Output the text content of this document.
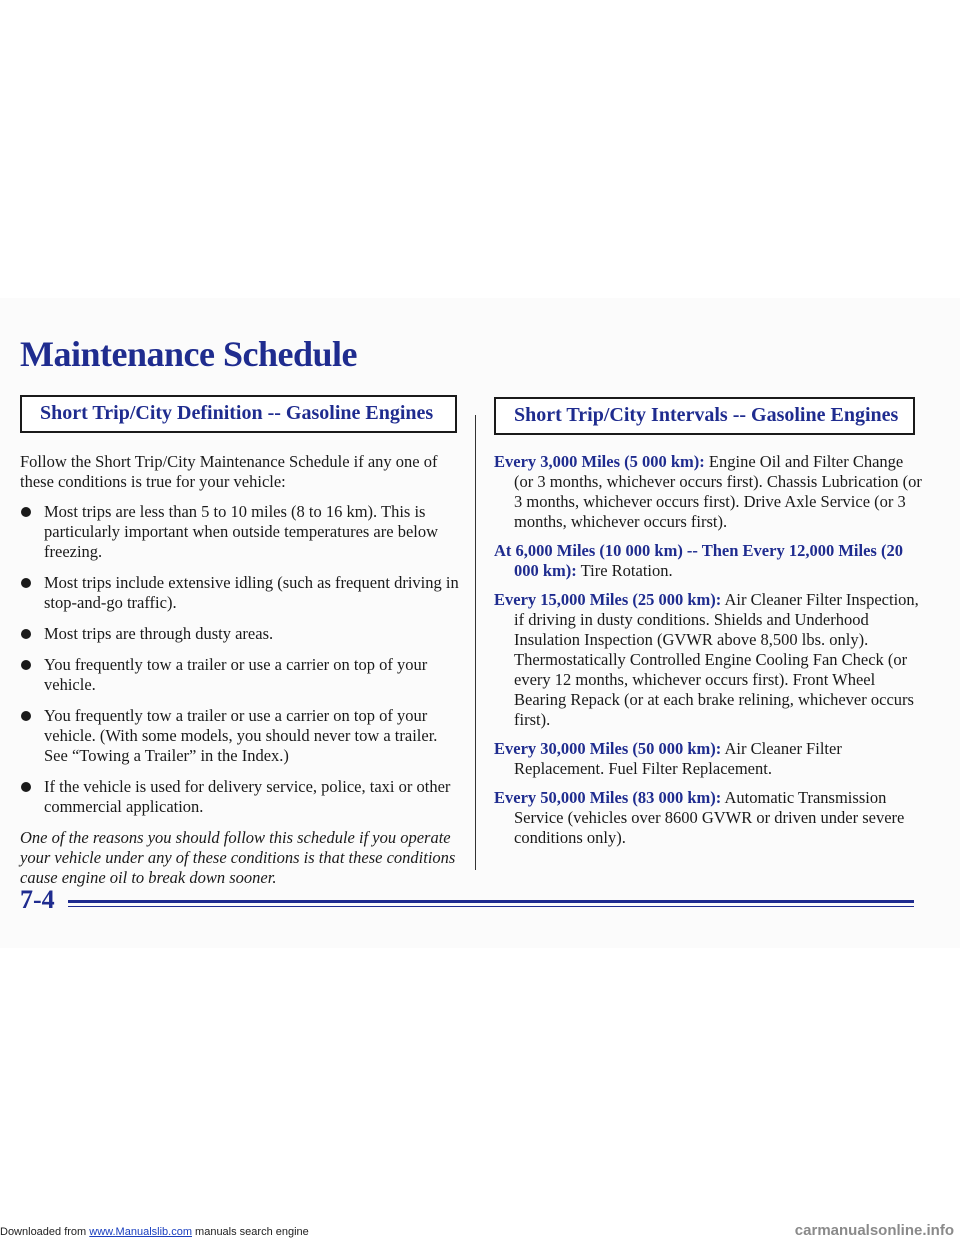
Maintenance Schedule
Short Trip/City Definition -- Gasoline Engines

Follow the Short Trip/City Maintenance Schedule if any one of these conditions is true for your vehicle:

Most trips are less than 5 to 10 miles (8 to 16 km). This is particularly important when outside temperatures are below freezing.
Most trips include extensive idling (such as frequent driving in stop-and-go traffic).
Most trips are through dusty areas.
You frequently tow a trailer or use a carrier on top of your vehicle.
You frequently tow a trailer or use a carrier on top of your vehicle. (With some models, you should never tow a trailer. See “Towing a Trailer” in the Index.)
If the vehicle is used for delivery service, police, taxi or other commercial application.

One of the reasons you should follow this schedule if you operate your vehicle under any of these conditions is that these conditions cause engine oil to break down sooner.

Short Trip/City Intervals -- Gasoline Engines

Every 3,000 Miles (5 000 km): Engine Oil and Filter Change (or 3 months, whichever occurs first). Chassis Lubrication (or 3 months, whichever occurs first). Drive Axle Service (or 3 months, whichever occurs first).

At 6,000 Miles (10 000 km) -- Then Every 12,000 Miles (20 000 km): Tire Rotation.

Every 15,000 Miles (25 000 km): Air Cleaner Filter Inspection, if driving in dusty conditions. Shields and Underhood Insulation Inspection (GVWR above 8,500 lbs. only). Thermostatically Controlled Engine Cooling Fan Check (or every 12 months, whichever occurs first). Front Wheel Bearing Repack (or at each brake relining, whichever occurs first).

Every 30,000 Miles (50 000 km): Air Cleaner Filter Replacement. Fuel Filter Replacement.

Every 50,000 Miles (83 000 km): Automatic Transmission Service (vehicles over 8600 GVWR or driven under severe conditions only).

7-4
Downloaded from www.Manualslib.com manuals search engine	carmanualsonline.info
